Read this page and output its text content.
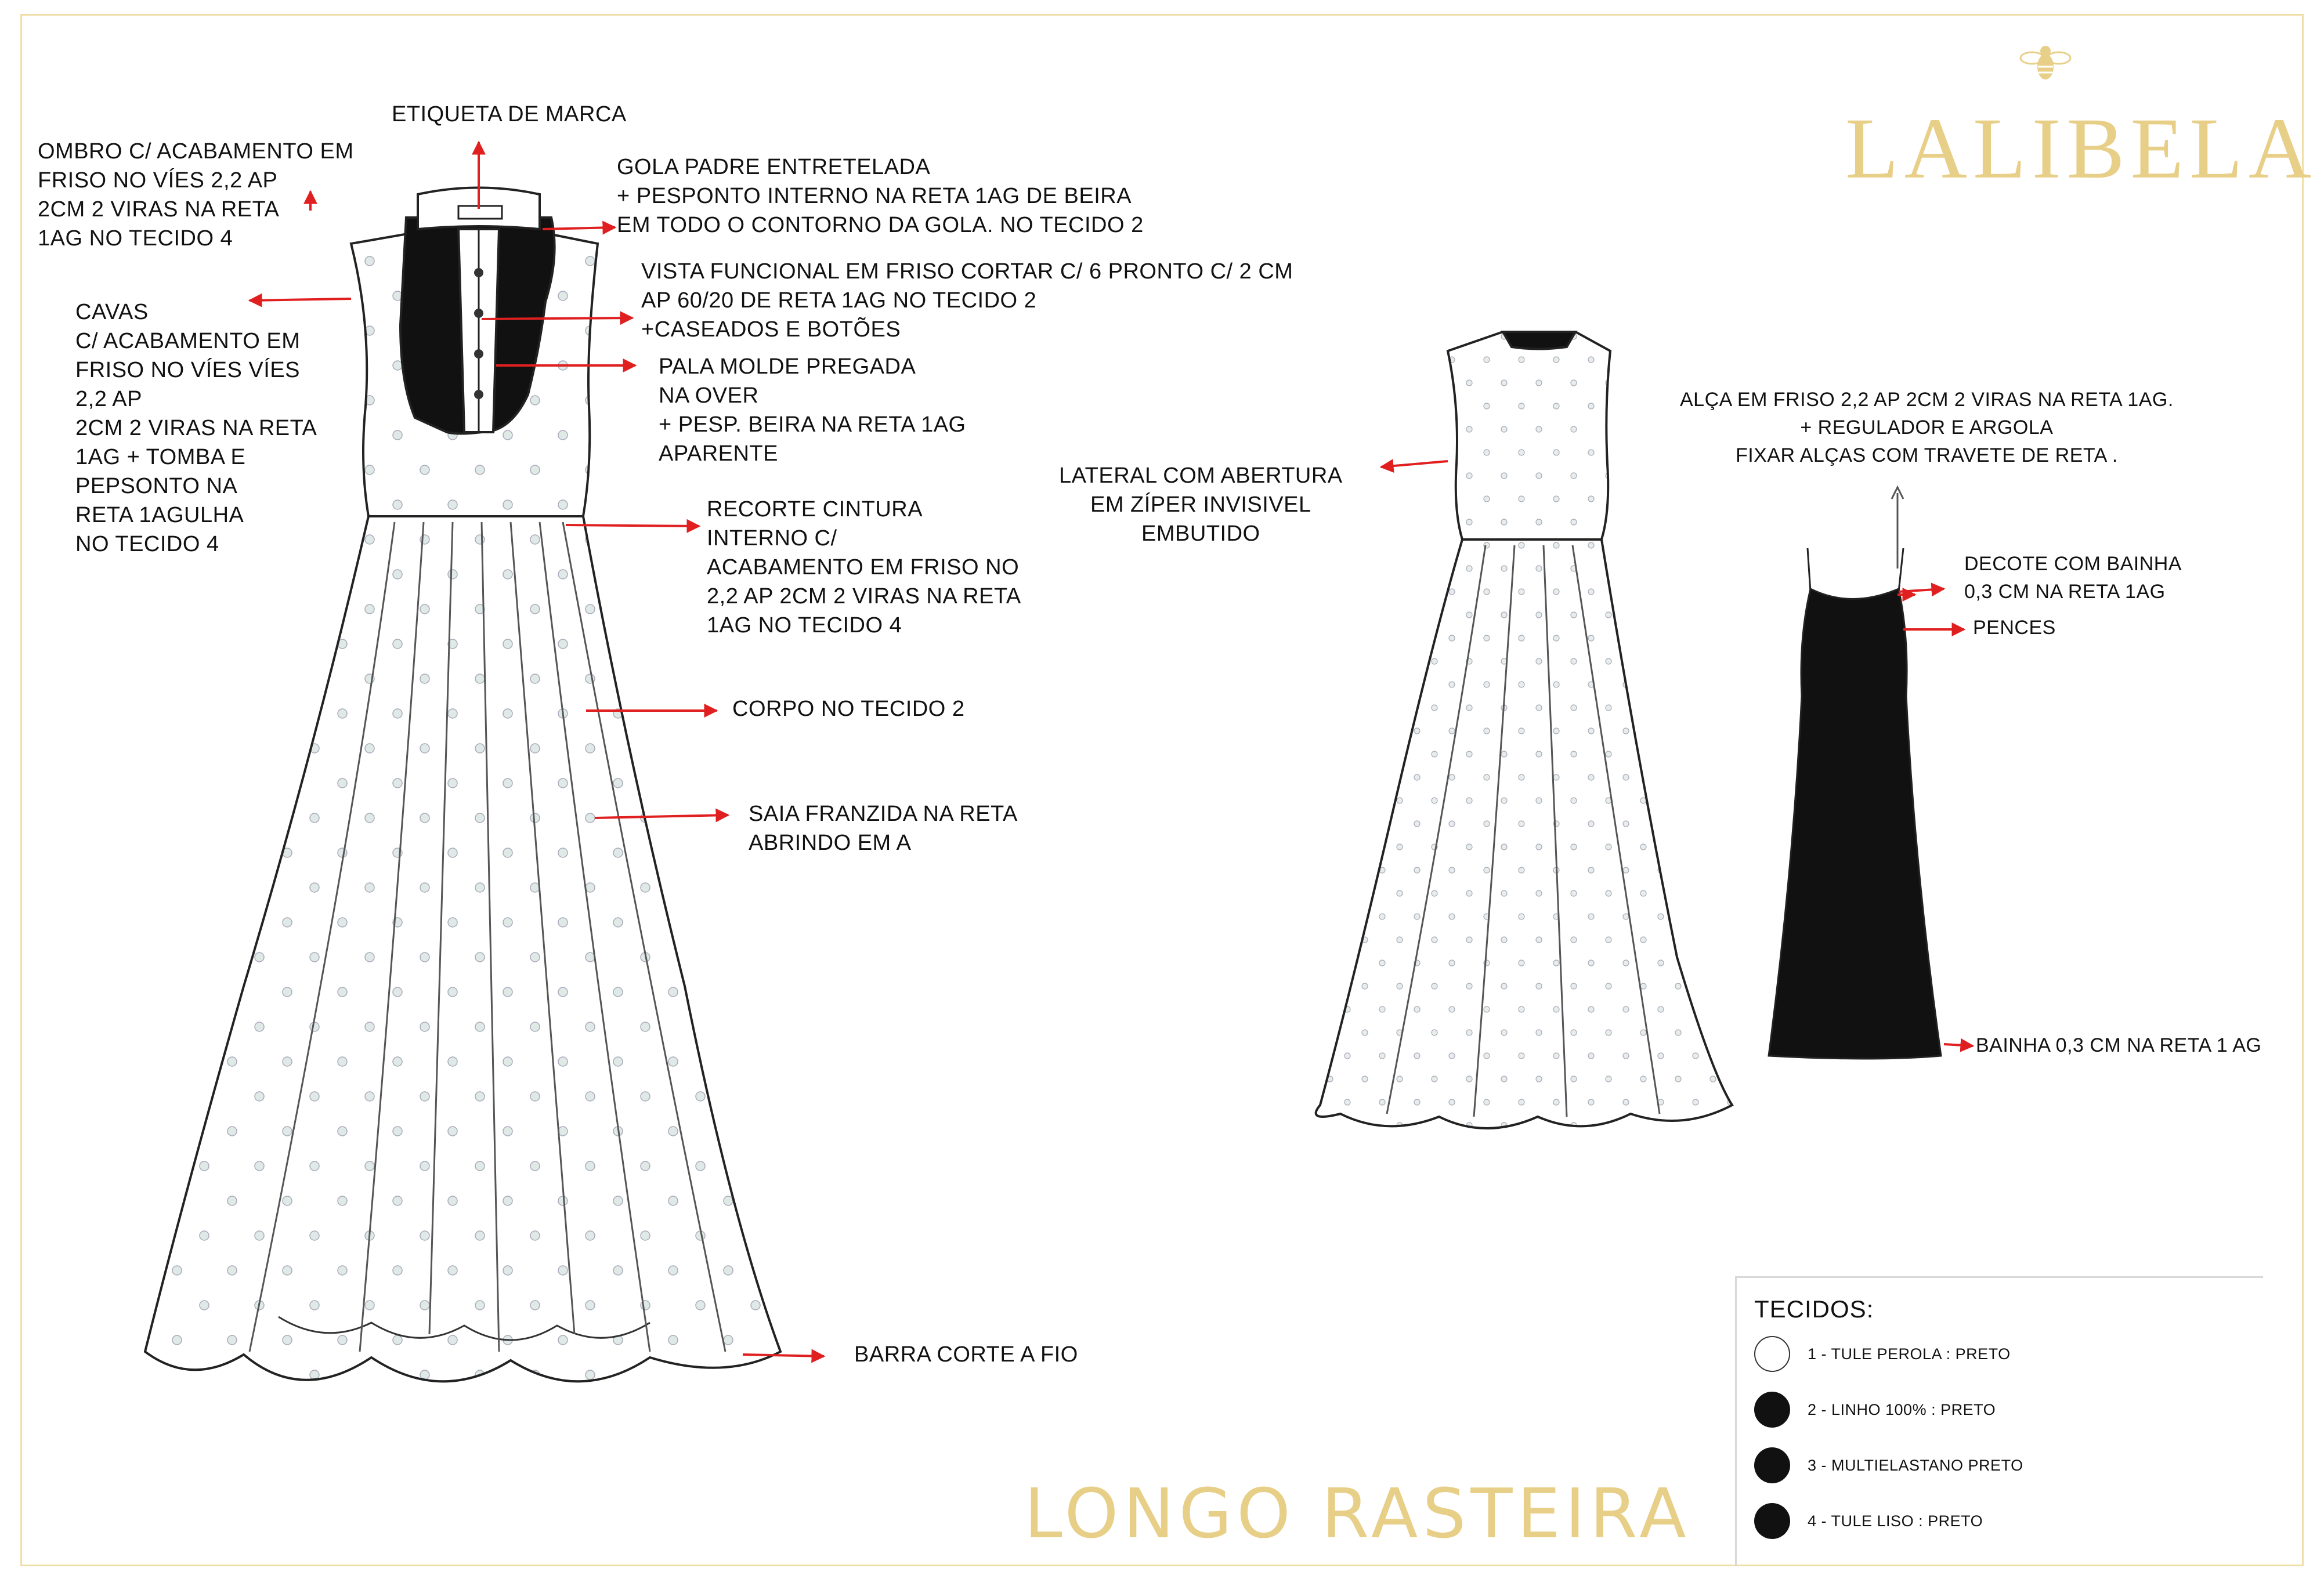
LALIBELA
ETIQUETA DE MARCA
OMBRO C/ ACABAMENTO EM
FRISO NO VÍES 2,2 AP
2CM 2 VIRAS NA RETA
1AG NO TECIDO 4
GOLA PADRE ENTRETELADA
+ PESPONTO INTERNO NA RETA 1AG DE BEIRA
EM TODO O CONTORNO DA GOLA. NO TECIDO 2
VISTA FUNCIONAL EM FRISO CORTAR C/ 6 PRONTO C/ 2 CM
AP 60/20 DE RETA 1AG NO TECIDO 2
+CASEADOS E BOTÕES
CAVAS
C/ ACABAMENTO EM
FRISO NO VÍES VÍES
2,2 AP
2CM 2 VIRAS NA RETA
1AG + TOMBA E
PEPSONTO NA
RETA 1AGULHA
NO TECIDO 4
PALA MOLDE PREGADA
NA OVER
+ PESP. BEIRA NA RETA 1AG
APARENTE
RECORTE CINTURA
INTERNO C/
ACABAMENTO EM FRISO NO
2,2 AP 2CM 2 VIRAS NA RETA
1AG NO TECIDO 4
CORPO NO TECIDO 2
SAIA FRANZIDA NA RETA
ABRINDO EM A
BARRA CORTE A FIO
LATERAL COM ABERTURA
EM ZÍPER INVISIVEL
EMBUTIDO
ALÇA EM FRISO 2,2 AP 2CM 2 VIRAS NA RETA 1AG.
+ REGULADOR E ARGOLA
FIXAR ALÇAS COM TRAVETE DE RETA .
DECOTE COM BAINHA
0,3 CM NA RETA 1AG
PENCES
BAINHA 0,3 CM NA RETA 1 AG
LONGO RASTEIRA
TECIDOS:
1 - TULE PEROLA : PRETO
2 - LINHO 100% : PRETO
3 - MULTIELASTANO PRETO
4 - TULE LISO : PRETO
